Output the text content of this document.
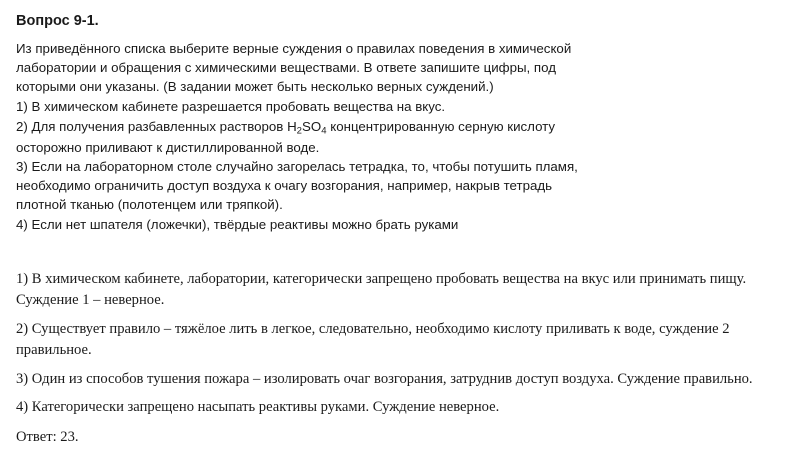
Вопрос 9-1.

Из приведённого списка выберите верные суждения о правилах поведения в химической
лаборатории и обращения с химическими веществами. В ответе запишите цифры, под
которыми они указаны. (В задании может быть несколько верных суждений.)

1) В химическом кабинете разрешается пробовать вещества на вкус.

2) Для получения разбавленных растворов $H_2SO_4$ концентрированную серную кислоту
осторожно приливают к дистиллированной воде.

3) Если на лабораторном столе случайно загорелась тетрадка, то, чтобы потушить пламя,
необходимо ограничить доступ воздуха к очагу возгорания, например, накрыв тетрадь
плотной тканью (полотенцем или тряпкой).

4) Если нет шпателя (ложечки), твёрдые реактивы можно брать руками

1) В химическом кабинете, лаборатории, категорически запрещено пробовать вещества на вкус или принимать пищу. Суждение 1 – неверное.

2) Существует правило – тяжёлое лить в легкое, следовательно, необходимо кислоту приливать к воде, суждение 2 правильное.

3) Один из способов тушения пожара – изолировать очаг возгорания, затруднив доступ воздуха. Суждение правильно.

4) Категорически запрещено насыпать реактивы руками. Суждение неверное.

Ответ: 23.
